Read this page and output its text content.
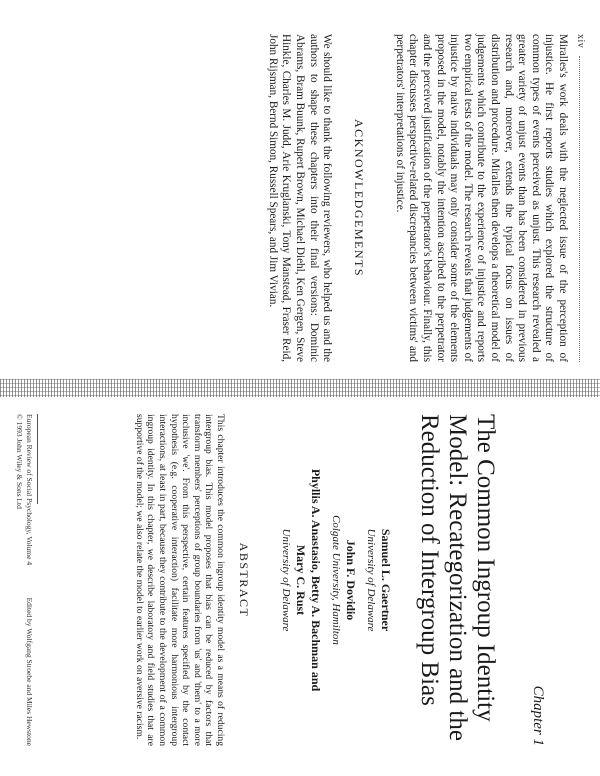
xiv

Miralles's work deals with the neglected issue of the perception of injustice. He first reports studies which explored the structure of common types of events perceived as unjust. This research revealed a greater variety of unjust events than has been considered in previous research and, moreover, extends the typical focus on issues of distribution and procedure. Miralles then develops a theoretical model of judgements which contribute to the experience of injustice and reports two empirical tests of the model. The research reveals that judgements of injustice by naive individuals may only consider some of the elements proposed in the model, notably the intention ascribed to the perpetrator and the perceived justification of the perpetrator's behaviour. Finally, this chapter discusses perspective-related discrepancies between victims' and perpetrators' interpretations of injustice.

ACKNOWLEDGEMENTS

We should like to thank the following reviewers, who helped us and the authors to shape these chapters into their final versions: Dominic Abrams, Bram Buunk, Rupert Brown, Michael Diehl, Ken Gergen, Steve Hinkle, Charles M. Judd, Arie Kruglanski, Tony Manstead, Fraser Reid, John Rijsman, Bernd Simon, Russell Spears, and Jim Vivian.

Chapter 1
The Common Ingroup Identity Model: Recategorization and the Reduction of Intergroup Bias

Samuel L. Gaertner

University of Delaware

John F. Dovidio

Colgate University, Hamilton

Phyllis A. Anastasio, Betty A. Bachman and

Mary C. Rust

University of Delaware

ABSTRACT

This chapter introduces the common ingroup identity model as a means of reducing intergroup bias. This model proposes that bias can be reduced by factors that transform members' perceptions of group boundaries from 'us' and 'them' to a more inclusive 'we'. From this perspective, certain features specified by the contact hypothesis (e.g. cooperative interaction) facilitate more harmonious intergroup interactions, at least in part, because they contribute to the development of a common ingroup identity. In this chapter, we describe laboratory and field studies that are supportive of the model; we also relate the model to earlier work on aversive racism.

European Review of Social Psychology, Volume 4
Edited by Wolfgang Stroebe and Miles Hewstone
© 1993 John Wiley & Sons Ltd
